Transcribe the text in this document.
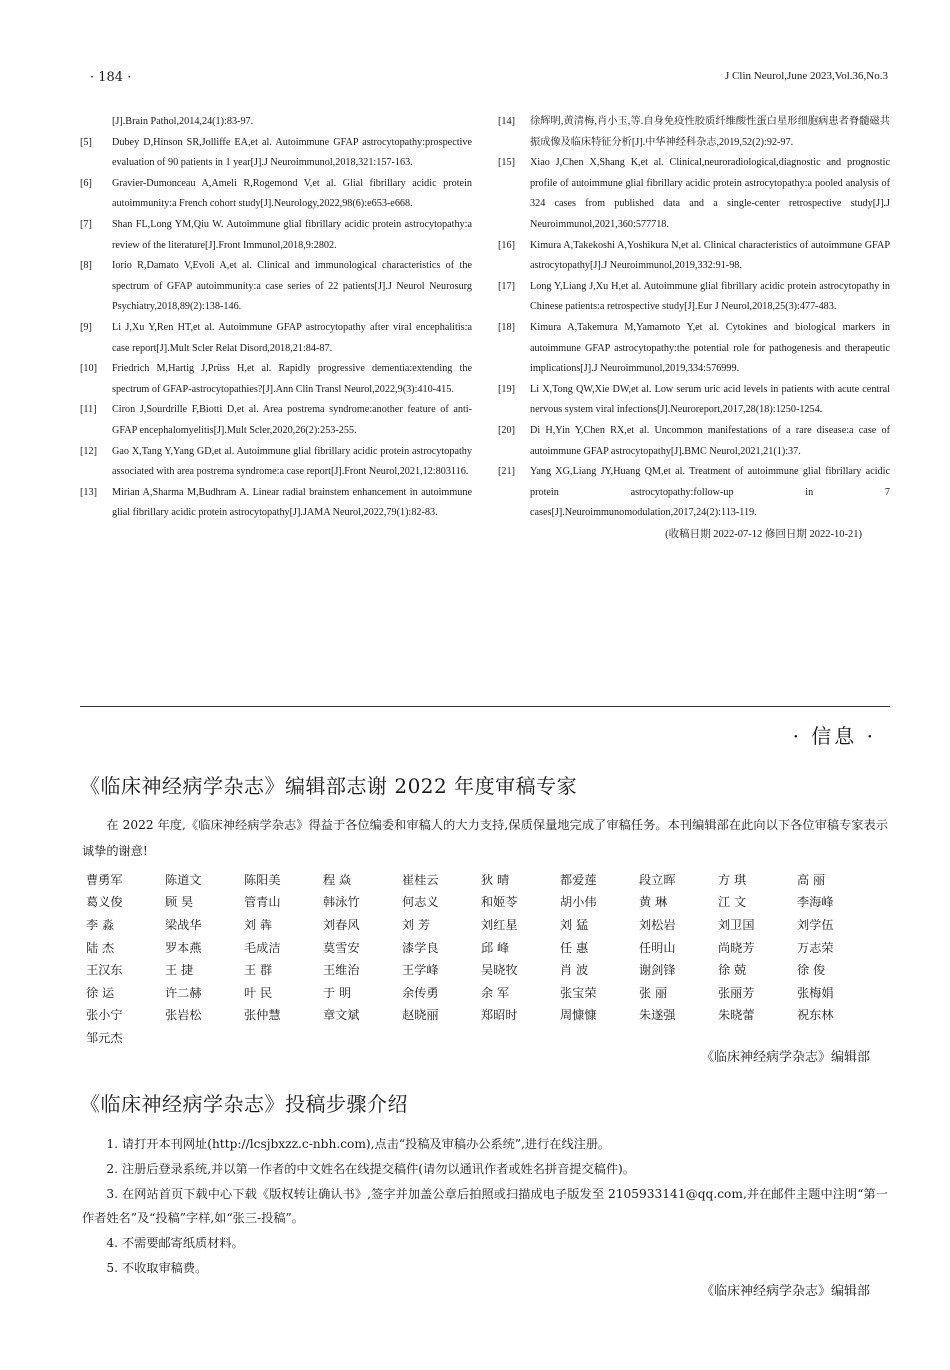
· 184 ·	J Clin Neurol,June 2023,Vol.36,No.3
[J].Brain Pathol,2014,24(1):83-97.
[5]	Dubey D,Hinson SR,Jolliffe EA,et al. Autoimmune GFAP astrocytopathy:prospective evaluation of 90 patients in 1 year[J].J Neuroimmunol,2018,321:157-163.
[6]	Gravier-Dumonceau A,Ameli R,Rogemond V,et al. Glial fibrillary acidic protein autoimmunity:a French cohort study[J].Neurology,2022,98(6):e653-e668.
[7]	Shan FL,Long YM,Qiu W. Autoimmune glial fibrillary acidic protein astrocytopathy:a review of the literature[J].Front Immunol,2018,9:2802.
[8]	Iorio R,Damato V,Evoli A,et al. Clinical and immunological characteristics of the spectrum of GFAP autoimmunity:a case series of 22 patients[J].J Neurol Neurosurg Psychiatry,2018,89(2):138-146.
[9]	Li J,Xu Y,Ren HT,et al. Autoimmune GFAP astrocytopathy after viral encephalitis:a case report[J].Mult Scler Relat Disord,2018,21:84-87.
[10]	Friedrich M,Hartig J,Prüss H,et al. Rapidly progressive dementia:extending the spectrum of GFAP-astrocytopathies?[J].Ann Clin Transl Neurol,2022,9(3):410-415.
[11]	Ciron J,Sourdrille F,Biotti D,et al. Area postrema syndrome:another feature of anti-GFAP encephalomyelitis[J].Mult Scler,2020,26(2):253-255.
[12]	Gao X,Tang Y,Yang GD,et al. Autoimmune glial fibrillary acidic protein astrocytopathy associated with area postrema syndrome:a case report[J].Front Neurol,2021,12:803116.
[13]	Mirian A,Sharma M,Budhram A. Linear radial brainstem enhancement in autoimmune glial fibrillary acidic protein astrocytopathy[J].JAMA Neurol,2022,79(1):82-83.
[14]	徐辉明,黄清梅,肖小玉,等.自身免疫性胶质纤维酸性蛋白星形细胞病患者脊髓磁共振成像及临床特征分析[J].中华神经科杂志,2019,52(2):92-97.
[15]	Xiao J,Chen X,Shang K,et al. Clinical,neuroradiological,diagnostic and prognostic profile of autoimmune glial fibrillary acidic protein astrocytopathy:a pooled analysis of 324 cases from published data and a single-center retrospective study[J].J Neuroimmunol,2021,360:577718.
[16]	Kimura A,Takekoshi A,Yoshikura N,et al. Clinical characteristics of autoimmune GFAP astrocytopathy[J].J Neuroimmunol,2019,332:91-98.
[17]	Long Y,Liang J,Xu H,et al. Autoimmune glial fibrillary acidic protein astrocytopathy in Chinese patients:a retrospective study[J].Eur J Neurol,2018,25(3):477-483.
[18]	Kimura A,Takemura M,Yamamoto Y,et al. Cytokines and biological markers in autoimmune GFAP astrocytopathy:the potential role for pathogenesis and therapeutic implications[J].J Neuroimmunol,2019,334:576999.
[19]	Li X,Tong QW,Xie DW,et al. Low serum uric acid levels in patients with acute central nervous system viral infections[J].Neuroreport,2017,28(18):1250-1254.
[20]	Di H,Yin Y,Chen RX,et al. Uncommon manifestations of a rare disease:a case of autoimmune GFAP astrocytopathy[J].BMC Neurol,2021,21(1):37.
[21]	Yang XG,Liang JY,Huang QM,et al. Treatment of autoimmune glial fibrillary acidic protein astrocytopathy:follow-up in 7 cases[J].Neuroimmunomodulation,2017,24(2):113-119.
(收稿日期 2022-07-12 修回日期 2022-10-21)
· 信息 ·
《临床神经病学杂志》编辑部志谢 2022 年度审稿专家
在 2022 年度,《临床神经病学杂志》得益于各位编委和审稿人的大力支持,保质保量地完成了审稿任务。本刊编辑部在此向以下各位审稿专家表示诚挚的谢意!
曹勇军	陈道文	陈阳美	程 焱	崔桂云	狄 晴	都爱莲	段立晖	方 琪	高 丽
葛义俊	顾 昊	管青山	韩泳竹	何志义	和姬苓	胡小伟	黄 琳	江 文	李海峰
李 淼	梁战华	刘 犇	刘春风	刘 芳	刘红星	刘 猛	刘松岩	刘卫国	刘学伍
陆 杰	罗本燕	毛成洁	莫雪安	漆学良	邱 峰	任 惠	任明山	尚晓芳	万志荣
王汉东	王 捷	王 群	王维治	王学峰	吴晓牧	肖 波	谢剑锋	徐 兢	徐 俊
徐 运	许二赫	叶 民	于 明	余传勇	余 军	张宝荣	张 丽	张丽芳	张梅娟
张小宁	张岩松	张仲慧	章文斌	赵晓丽	郑昭时	周慷慷	朱遂强	朱晓蕾	祝东林
邹元杰
《临床神经病学杂志》编辑部
《临床神经病学杂志》投稿步骤介绍
1. 请打开本刊网址(http://lcsjbxzz.c-nbh.com),点击“投稿及审稿办公系统”,进行在线注册。
2. 注册后登录系统,并以第一作者的中文姓名在线提交稿件(请勿以通讯作者或姓名拼音提交稿件)。
3. 在网站首页下载中心下载《版权转让确认书》,签字并加盖公章后拍照或扫描成电子版发至 2105933141@qq.com,并在邮件主题中注明“第一作者姓名”及“投稿”字样,如“张三-投稿”。
4. 不需要邮寄纸质材料。
5. 不收取审稿费。
《临床神经病学杂志》编辑部
